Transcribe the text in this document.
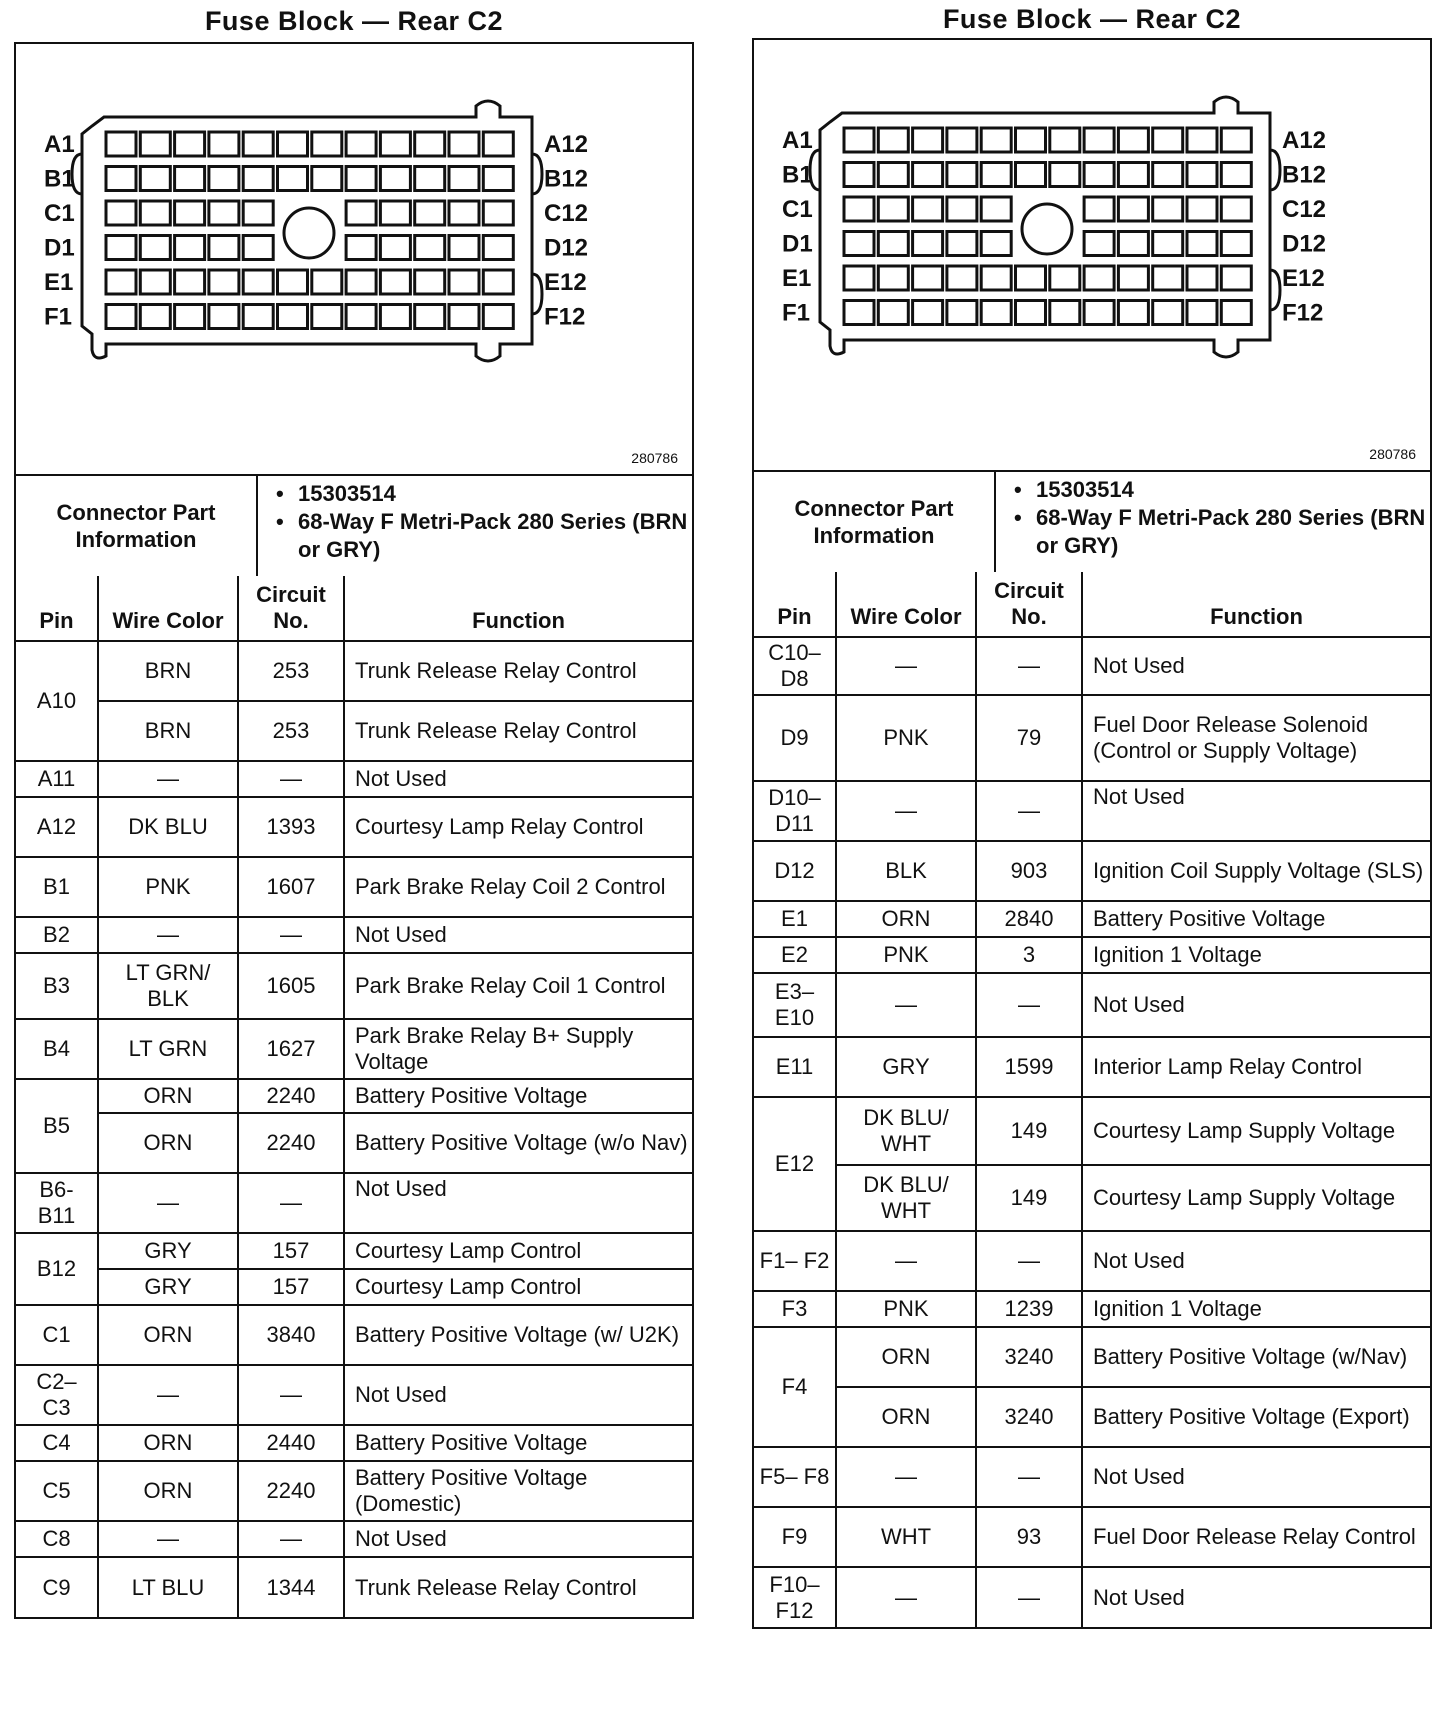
Fuse Block — Rear C2
A1	A12
B1	B12
C1	C12
D1	D12
E1	E12
F1	F12
280786
Connector Part Information
• 15303514
• 68-Way F Metri-Pack 280 Series (BRN or GRY)
Pin	Wire Color	Circuit No.	Function
A10	BRN	253	Trunk Release Relay Control
	BRN	253	Trunk Release Relay Control
A11	—	—	Not Used
A12	DK BLU	1393	Courtesy Lamp Relay Control
B1	PNK	1607	Park Brake Relay Coil 2 Control
B2	—	—	Not Used
B3	LT GRN/ BLK	1605	Park Brake Relay Coil 1 Control
B4	LT GRN	1627	Park Brake Relay B+ Supply Voltage
B5	ORN	2240	Battery Positive Voltage
	ORN	2240	Battery Positive Voltage (w/o Nav)
B6- B11	—	—	Not Used
B12	GRY	157	Courtesy Lamp Control
	GRY	157	Courtesy Lamp Control
C1	ORN	3840	Battery Positive Voltage (w/ U2K)
C2– C3	—	—	Not Used
C4	ORN	2440	Battery Positive Voltage
C5	ORN	2240	Battery Positive Voltage (Domestic)
C8	—	—	Not Used
C9	LT BLU	1344	Trunk Release Relay Control
Fuse Block — Rear C2
A1	A12
B1	B12
C1	C12
D1	D12
E1	E12
F1	F12
280786
Connector Part Information
• 15303514
• 68-Way F Metri-Pack 280 Series (BRN or GRY)
Pin	Wire Color	Circuit No.	Function
C10– D8	—	—	Not Used
D9	PNK	79	Fuel Door Release Solenoid (Control or Supply Voltage)
D10– D11	—	—	Not Used
D12	BLK	903	Ignition Coil Supply Voltage (SLS)
E1	ORN	2840	Battery Positive Voltage
E2	PNK	3	Ignition 1 Voltage
E3– E10	—	—	Not Used
E11	GRY	1599	Interior Lamp Relay Control
E12	DK BLU/ WHT	149	Courtesy Lamp Supply Voltage
	DK BLU/ WHT	149	Courtesy Lamp Supply Voltage
F1– F2	—	—	Not Used
F3	PNK	1239	Ignition 1 Voltage
F4	ORN	3240	Battery Positive Voltage (w/Nav)
	ORN	3240	Battery Positive Voltage (Export)
F5– F8	—	—	Not Used
F9	WHT	93	Fuel Door Release Relay Control
F10– F12	—	—	Not Used
